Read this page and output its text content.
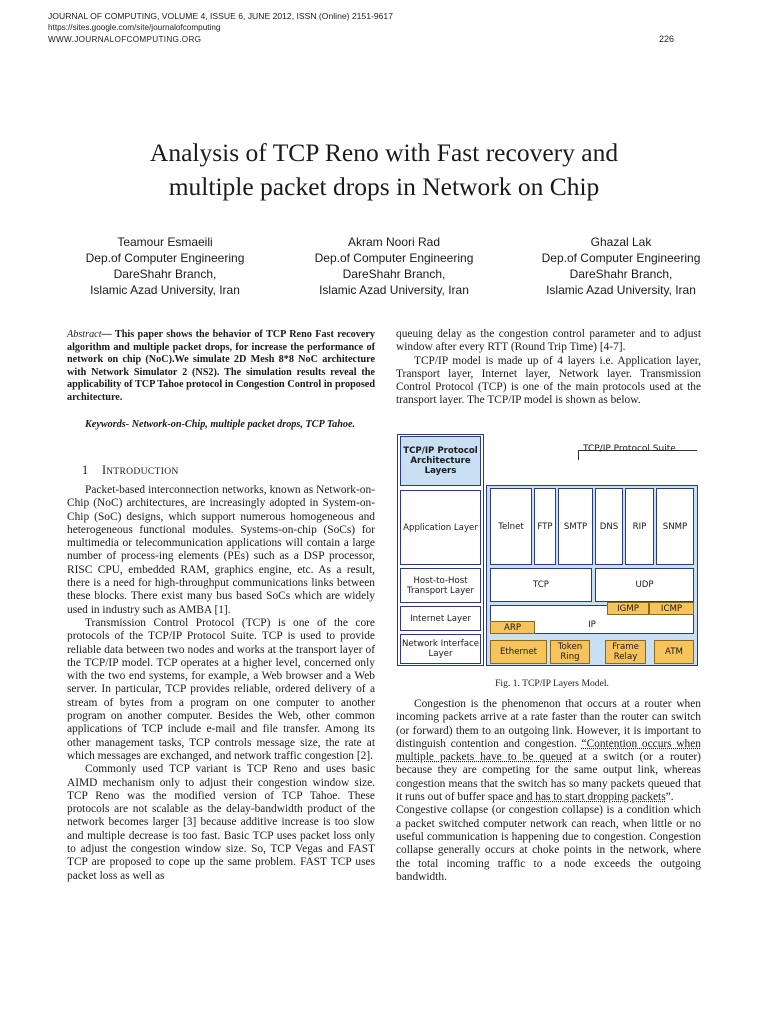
JOURNAL OF COMPUTING, VOLUME 4, ISSUE 6, JUNE 2012, ISSN (Online) 2151-9617
https://sites.google.com/site/journalofcomputing
WWW.JOURNALOFCOMPUTING.ORG	226
Analysis of TCP Reno with Fast recovery and
multiple packet drops in Network on Chip
Teamour Esmaeili
Dep.of Computer Engineering
DareShahr Branch,
Islamic Azad University, Iran
Akram Noori Rad
Dep.of Computer Engineering
DareShahr Branch,
Islamic Azad University, Iran
Ghazal Lak
Dep.of Computer Engineering
DareShahr Branch,
Islamic Azad University, Iran
Abstract— This paper shows the behavior of TCP Reno Fast recovery algorithm and multiple packet drops, for increase the performance of network on chip (NoC).We simulate 2D Mesh 8*8 NoC architecture with Network Simulator 2 (NS2). The simulation results reveal the applicability of TCP Tahoe protocol in Congestion Control in proposed architecture.
Keywords- Network-on-Chip, multiple packet drops, TCP Tahoe.
1 INTRODUCTION

Packet-based interconnection networks, known as Network-on-Chip (NoC) architectures, are increasingly adopted in System-on-Chip (SoC) designs, which support numerous homogeneous and heterogeneous functional modules. Systems-on-chip (SoCs) for multimedia or telecommunication applications will contain a large number of process-ing elements (PEs) such as a DSP processor, RISC CPU, embedded RAM, graphics engine, etc. As a result, there is a need for high-throughput communications links between these blocks. There exist many bus based SoCs which are widely used in industry such as AMBA [1].

Transmission Control Protocol (TCP) is one of the core protocols of the TCP/IP Protocol Suite. TCP is used to provide reliable data between two nodes and works at the transport layer of the TCP/IP model. TCP operates at a higher level, concerned only with the two end systems, for example, a Web browser and a Web server. In particular, TCP provides reliable, ordered delivery of a stream of bytes from a program on one computer to another program on another computer. Besides the Web, other common applications of TCP include e-mail and file transfer. Among its other management tasks, TCP controls message size, the rate at which messages are exchanged, and network traffic congestion [2].

Commonly used TCP variant is TCP Reno and uses basic AIMD mechanism only to adjust their congestion window size. TCP Reno was the modified version of TCP Tahoe. These protocols are not scalable as the delay-bandwidth product of the network becomes larger [3] because additive increase is too slow and multiple decrease is too fast. Basic TCP uses packet loss only to adjust the congestion window size. So, TCP Vegas and FAST TCP are proposed to cope up the same problem. FAST TCP uses packet loss as well as

queuing delay as the congestion control parameter and to adjust window after every RTT (Round Trip Time) [4-7].

TCP/IP model is made up of 4 layers i.e. Application layer, Transport layer, Internet layer, Network layer. Transmission Control Protocol (TCP) is one of the main protocols used at the transport layer. The TCP/IP model is shown as below.

TCP/IP Protocol Architecture Layers
TCP/IP Protocol Suite
Application Layer
Host-to-Host Transport Layer
Internet Layer
Network Interface Layer
Telnet	FTP	SMTP	DNS	RIP	SNMP
TCP	UDP
IP
IGMP	ICMP
ARP
Ethernet	Token Ring
Frame Relay	ATM
Fig. 1. TCP/IP Layers Model.

Congestion is the phenomenon that occurs at a router when incoming packets arrive at a rate faster than the router can switch (or forward) them to an outgoing link. However, it is important to distinguish contention and congestion. “Contention occurs when multiple packets have to be queued at a switch (or a router) because they are competing for the same output link, whereas congestion means that the switch has so many packets queued that it runs out of buffer space and has to start dropping packets”.

Congestive collapse (or congestion collapse) is a condition which a packet switched computer network can reach, when little or no useful communication is happening due to congestion. Congestion collapse generally occurs at choke points in the network, where the total incoming traffic to a node exceeds the outgoing bandwidth.
